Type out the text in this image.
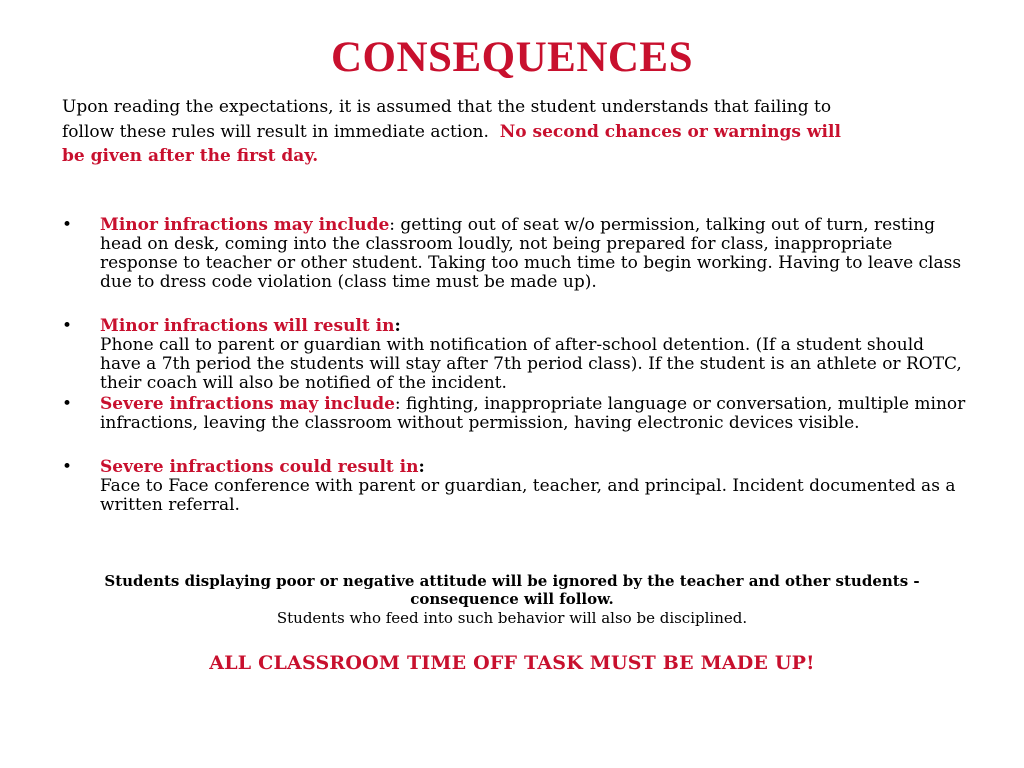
CONSEQUENCES
Upon reading the expectations, it is assumed that the student understands that failing to follow these rules will result in immediate action. No second chances or warnings will be given after the first day.
• Minor infractions may include: getting out of seat w/o permission, talking out of turn, resting head on desk, coming into the classroom loudly, not being prepared for class, inappropriate response to teacher or other student. Taking too much time to begin working. Having to leave class due to dress code violation (class time must be made up).
• Minor infractions will result in:
Phone call to parent or guardian with notification of after-school detention. (If a student should have a 7th period the students will stay after 7th period class). If the student is an athlete or ROTC, their coach will also be notified of the incident.
• Severe infractions may include: fighting, inappropriate language or conversation, multiple minor infractions, leaving the classroom without permission, having electronic devices visible.
• Severe infractions could result in:
Face to Face conference with parent or guardian, teacher, and principal. Incident documented as a written referral.
Students displaying poor or negative attitude will be ignored by the teacher and other students - consequence will follow.
Students who feed into such behavior will also be disciplined.
ALL CLASSROOM TIME OFF TASK MUST BE MADE UP!
